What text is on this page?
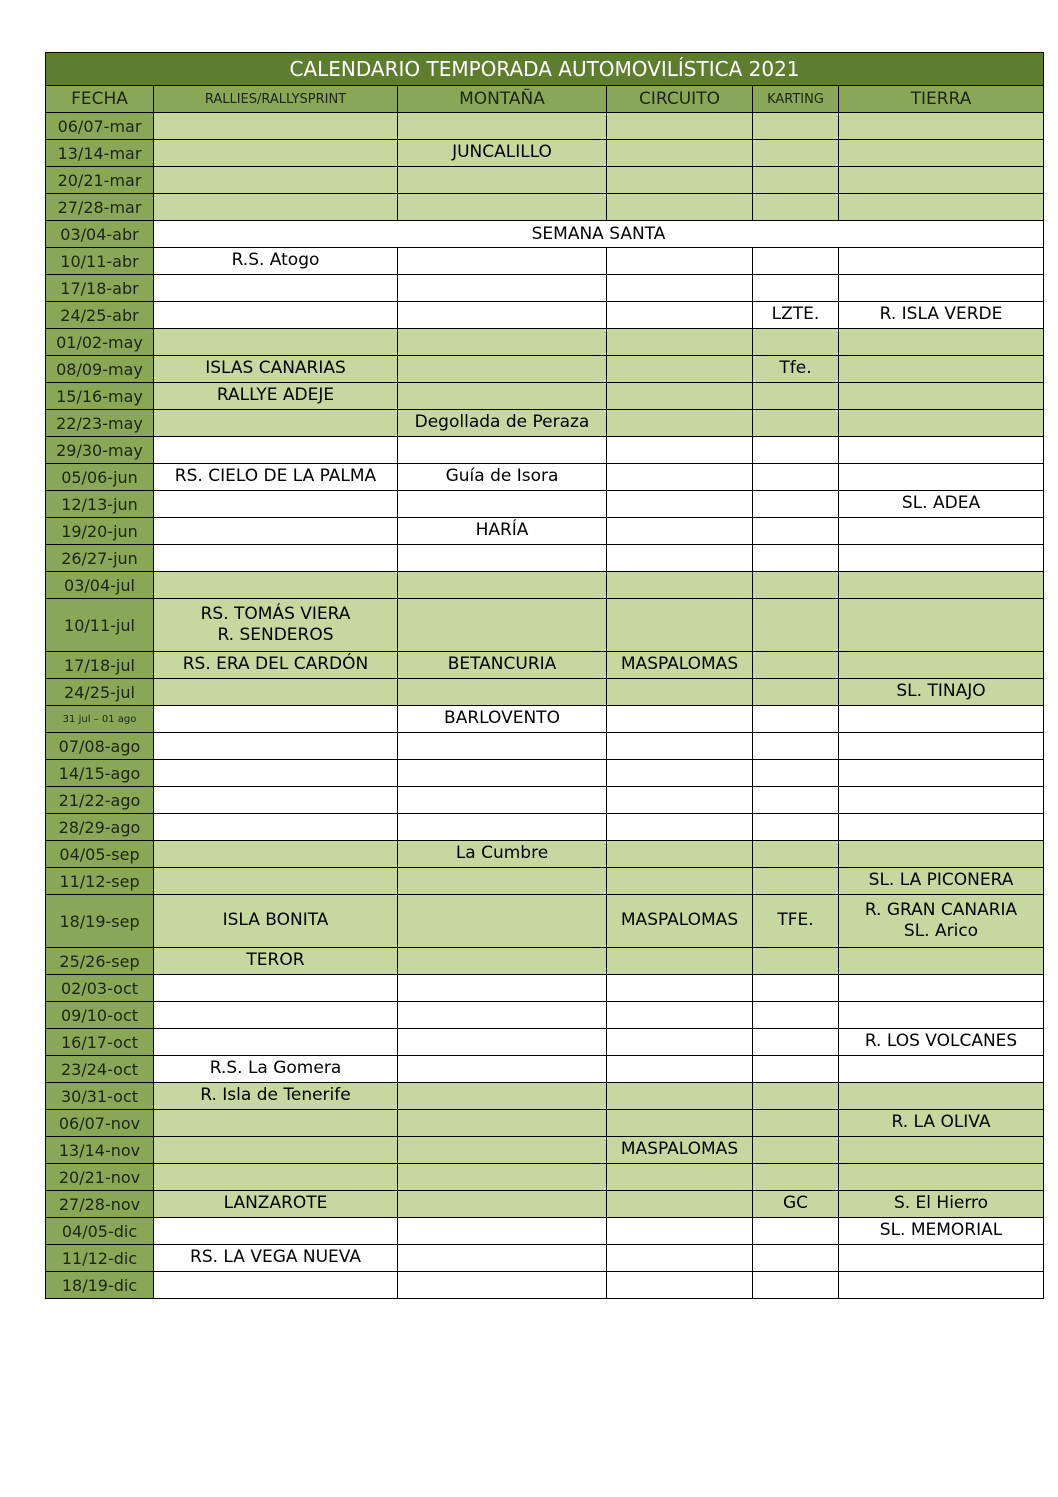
CALENDARIO TEMPORADA AUTOMOVILÍSTICA 2021					
FECHA	RALLIES/RALLYSPRINT	MONTAÑA	CIRCUITO	KARTING	TIERRA
06/07-mar					
13/14-mar		JUNCALILLO			
20/21-mar					
27/28-mar					
03/04-abr	SEMANA SANTA				
10/11-abr	R.S. Atogo				
17/18-abr					
24/25-abr				LZTE.	R. ISLA VERDE
01/02-may					
08/09-may	ISLAS CANARIAS			Tfe.	
15/16-may	RALLYE ADEJE				
22/23-may		Degollada de Peraza			
29/30-may					
05/06-jun	RS. CIELO DE LA PALMA	Guía de Isora			
12/13-jun					SL. ADEA
19/20-jun		HARÍA			
26/27-jun					
03/04-jul					
10/11-jul	RS. TOMÁS VIERA
R. SENDEROS				
17/18-jul	RS. ERA DEL CARDÓN	BETANCURIA	MASPALOMAS		
24/25-jul					SL. TINAJO
31 jul – 01 ago		BARLOVENTO			
07/08-ago					
14/15-ago					
21/22-ago					
28/29-ago					
04/05-sep		La Cumbre			
11/12-sep					SL. LA PICONERA
18/19-sep	ISLA BONITA		MASPALOMAS	TFE.	R. GRAN CANARIA
SL. Arico
25/26-sep	TEROR				
02/03-oct					
09/10-oct					
16/17-oct					R. LOS VOLCANES
23/24-oct	R.S. La Gomera				
30/31-oct	R. Isla de Tenerife				
06/07-nov					R. LA OLIVA
13/14-nov			MASPALOMAS		
20/21-nov					
27/28-nov	LANZAROTE			GC	S. El Hierro
04/05-dic					SL. MEMORIAL
11/12-dic	RS. LA VEGA NUEVA				
18/19-dic					
